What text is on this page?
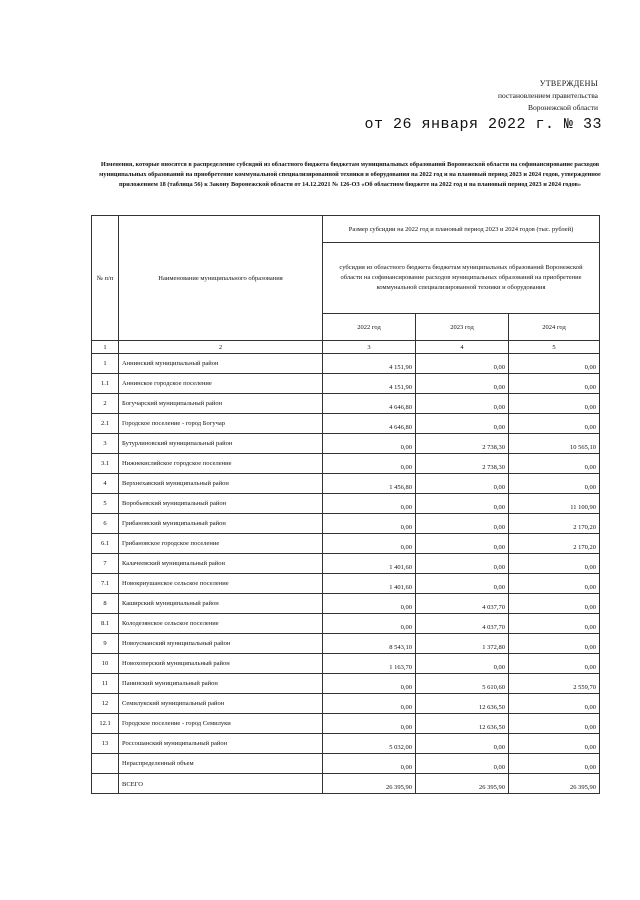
УТВЕРЖДЕНЫ
постановлением правительства
Воронежской области
от 26 января 2022 г. № 33
Изменения, которые вносятся в распределение субсидий из областного бюджета бюджетам муниципальных образований Воронежской области на софинансирование расходов муниципальных образований на приобретение коммунальной специализированной техники и оборудования на 2022 год и на плановый период 2023 и 2024 годов, утвержденное приложением 18 (таблица 56) к Закону Воронежской области от 14.12.2021 № 126-ОЗ «Об областном бюджете на 2022 год и на плановый период 2023 и 2024 годов»
№ п/п	Наименование муниципального образования	Размер субсидии на 2022 год и плановый период 2023 и 2024 годов (тыс. рублей)		
		субсидия из областного бюджета бюджетам муниципальных образований Воронежской области на софинансирование расходов муниципальных образований на приобретение коммунальной специализированной техники и оборудования		
		2022 год	2023 год	2024 год
1	2	3	4	5
1	Аннинский муниципальный район	4 151,90	0,00	0,00
1.1	Аннинское городское поселение	4 151,90	0,00	0,00
2	Богучарский муниципальный район	4 646,80	0,00	0,00
2.1	Городское поселение - город Богучар	4 646,80	0,00	0,00
3	Бутурлиновский муниципальный район	0,00	2 738,30	10 565,10
3.1	Нижнекисляйское городское поселение	0,00	2 738,30	0,00
4	Верхнехавский муниципальный район	1 456,80	0,00	0,00
5	Воробьевский муниципальный район	0,00	0,00	11 100,90
6	Грибановский муниципальный район	0,00	0,00	2 170,20
6.1	Грибановское городское поселение	0,00	0,00	2 170,20
7	Калачеевский муниципальный район	1 401,60	0,00	0,00
7.1	Новокриушанское сельское поселение	1 401,60	0,00	0,00
8	Каширский муниципальный район	0,00	4 037,70	0,00
8.1	Колодезянское сельское поселение	0,00	4 037,70	0,00
9	Новоусманский муниципальный район	8 543,10	1 372,80	0,00
10	Новохоперский муниципальный район	1 163,70	0,00	0,00
11	Панинский муниципальный район	0,00	5 610,60	2 559,70
12	Семилукский муниципальный район	0,00	12 636,50	0,00
12.1	Городское поселение - город Семилуки	0,00	12 636,50	0,00
13	Россошанский муниципальный район	5 032,00	0,00	0,00
	Нераспределенный объем	0,00	0,00	0,00
	ВСЕГО	26 395,90	26 395,90	26 395,90
